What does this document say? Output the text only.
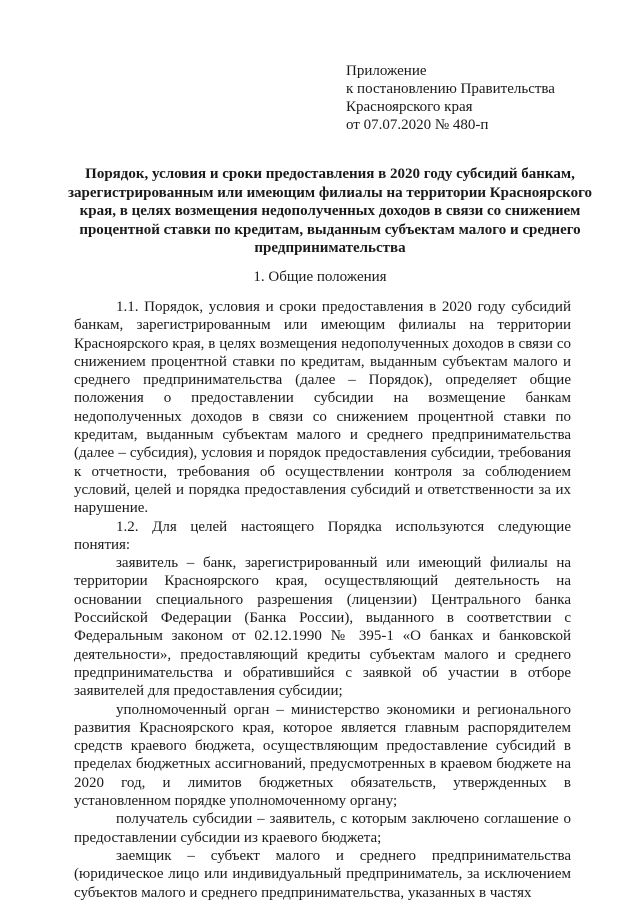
Приложение
к постановлению Правительства
Красноярского края
от 07.07.2020 № 480-п
Порядок, условия и сроки предоставления в 2020 году субсидий банкам, зарегистрированным или имеющим филиалы на территории Красноярского края, в целях возмещения недополученных доходов в связи со снижением процентной ставки по кредитам, выданным субъектам малого и среднего предпринимательства
1. Общие положения

1.1. Порядок, условия и сроки предоставления в 2020 году субсидий банкам, зарегистрированным или имеющим филиалы на территории Красноярского края, в целях возмещения недополученных доходов в связи со снижением процентной ставки по кредитам, выданным субъектам малого и среднего предпринимательства (далее – Порядок), определяет общие положения о предоставлении субсидии на возмещение банкам недополученных доходов в связи со снижением процентной ставки по кредитам, выданным субъектам малого и среднего предпринимательства (далее – субсидия), условия и порядок предоставления субсидии, требования к отчетности, требования об осуществлении контроля за соблюдением условий, целей и порядка предоставления субсидий и ответственности за их нарушение.

1.2. Для целей настоящего Порядка используются следующие понятия:

заявитель – банк, зарегистрированный или имеющий филиалы на территории Красноярского края, осуществляющий деятельность на основании специального разрешения (лицензии) Центрального банка Российской Федерации (Банка России), выданного в соответствии с Федеральным законом от 02.12.1990 № 395-1 «О банках и банковской деятельности», предоставляющий кредиты субъектам малого и среднего предпринимательства и обратившийся с заявкой об участии в отборе заявителей для предоставления субсидии;

уполномоченный орган – министерство экономики и регионального развития Красноярского края, которое является главным распорядителем средств краевого бюджета, осуществляющим предоставление субсидий в пределах бюджетных ассигнований, предусмотренных в краевом бюджете на 2020 год, и лимитов бюджетных обязательств, утвержденных в установленном порядке уполномоченному органу;

получатель субсидии – заявитель, с которым заключено соглашение о предоставлении субсидии из краевого бюджета;

заемщик – субъект малого и среднего предпринимательства (юридическое лицо или индивидуальный предприниматель, за исключением субъектов малого и среднего предпринимательства, указанных в частях
